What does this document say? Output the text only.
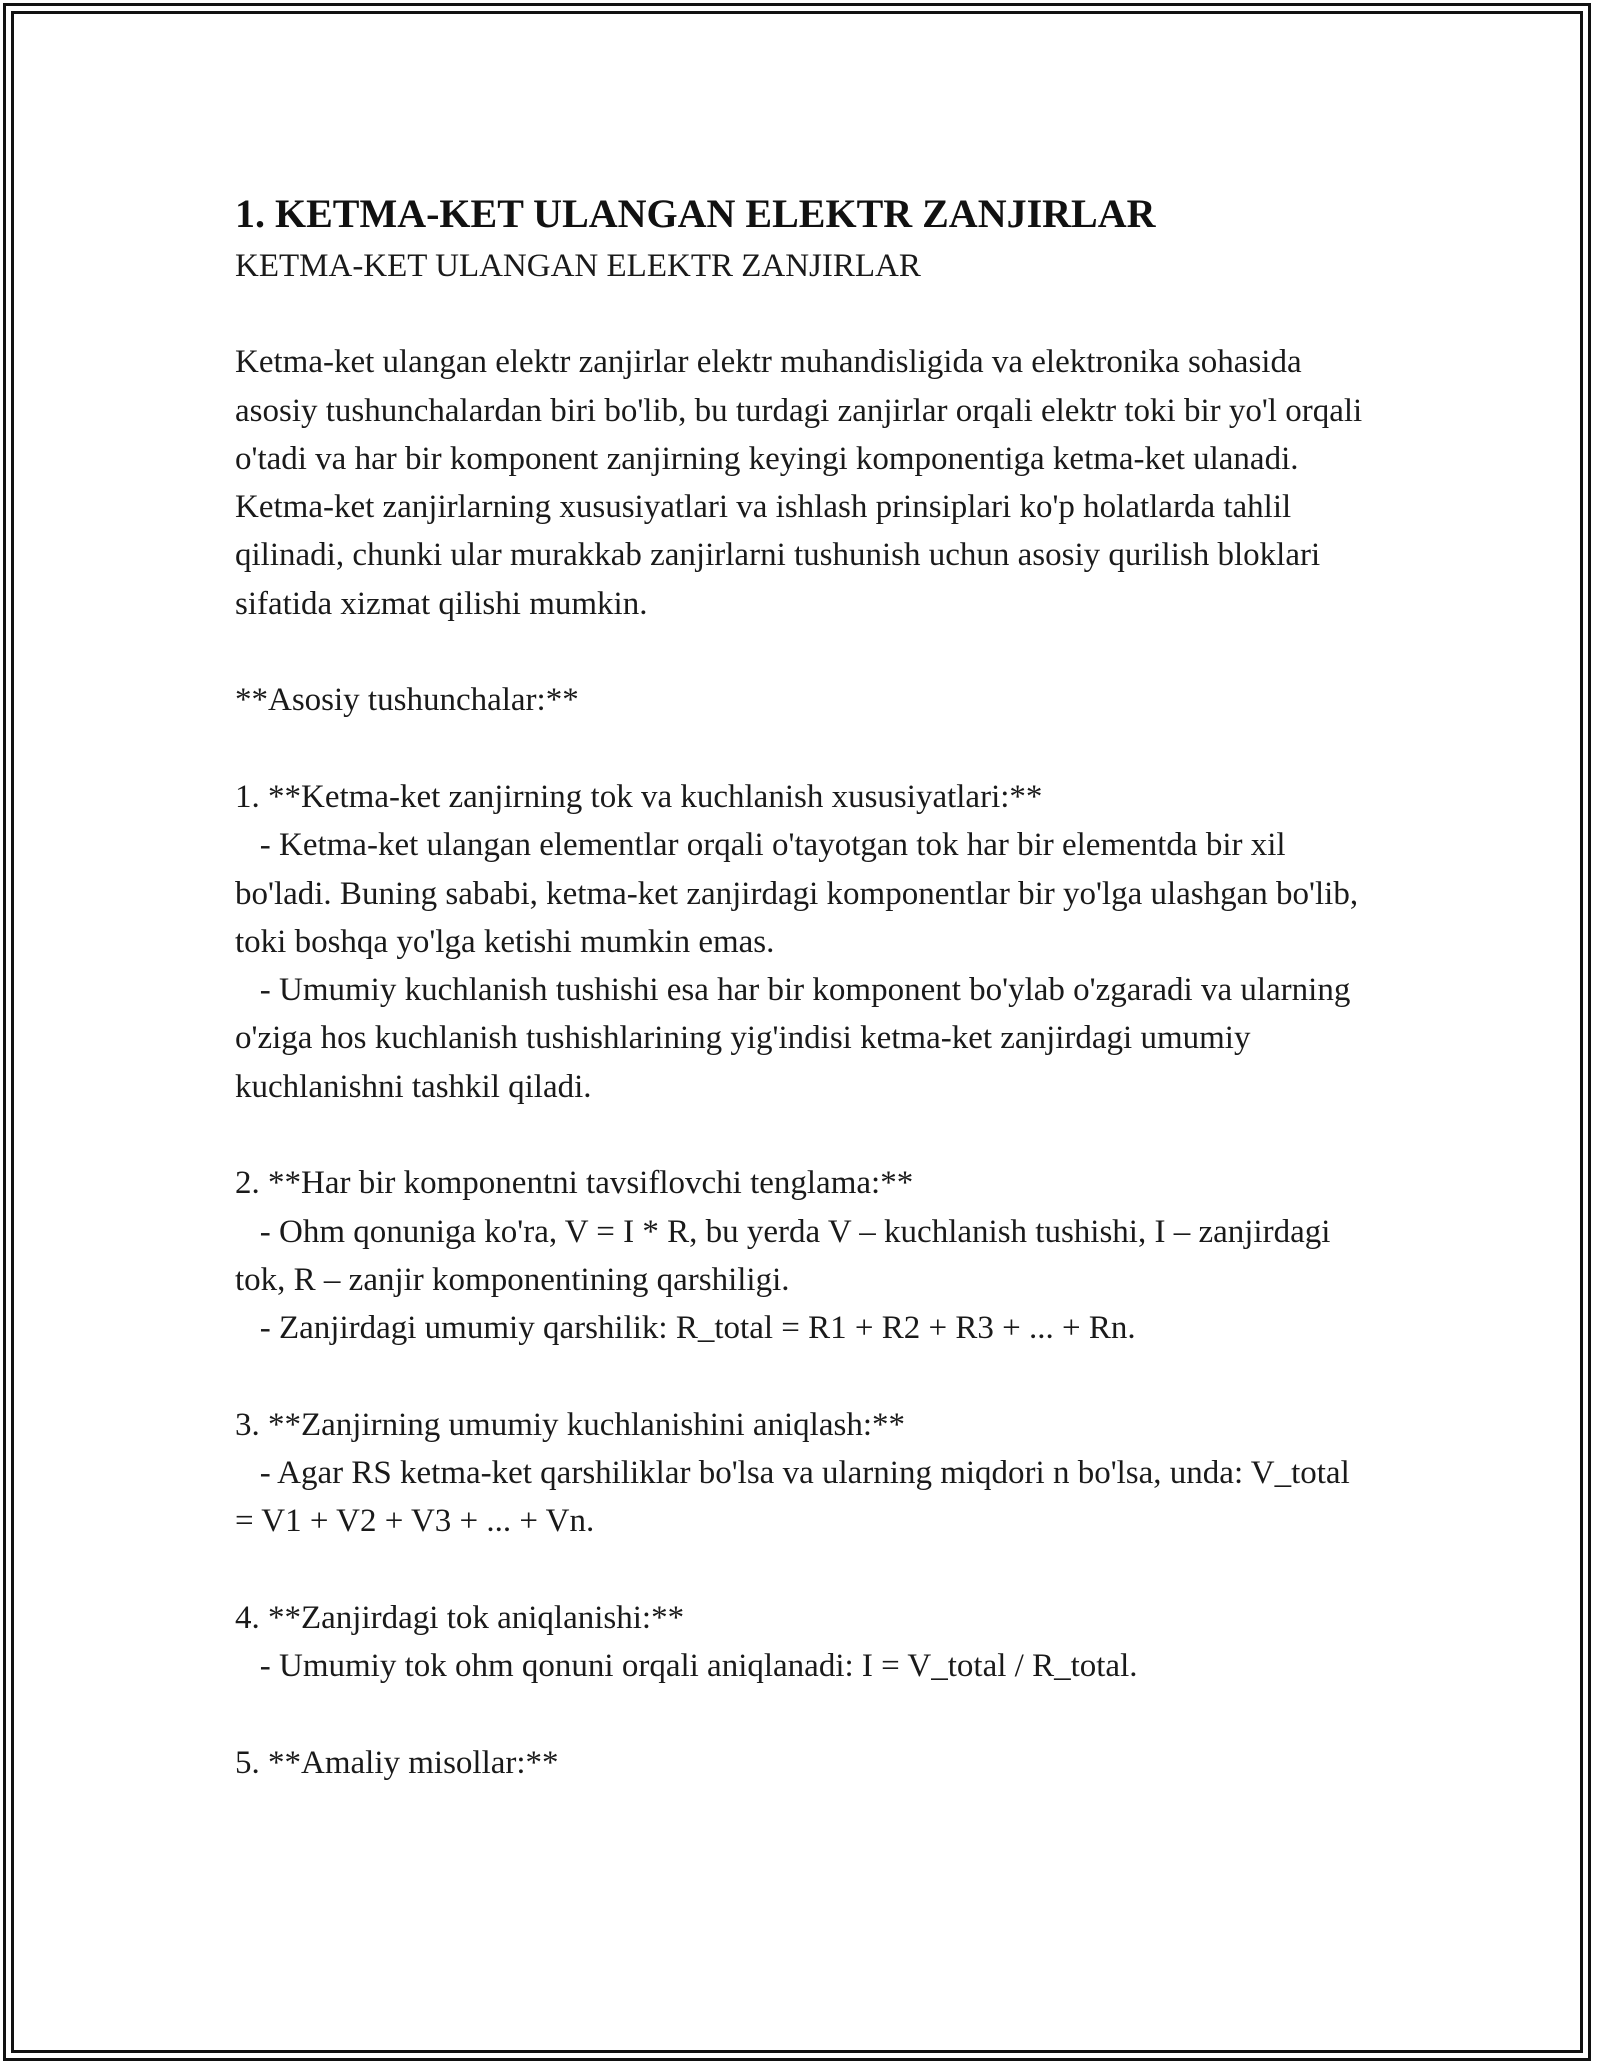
1. KETMA-KET ULANGAN ELEKTR ZANJIRLAR

KETMA-KET ULANGAN ELEKTR ZANJIRLAR

Ketma-ket ulangan elektr zanjirlar elektr muhandisligida va elektronika sohasida asosiy tushunchalardan biri bo'lib, bu turdagi zanjirlar orqali elektr toki bir yo'l orqali o'tadi va har bir komponent zanjirning keyingi komponentiga ketma-ket ulanadi. Ketma-ket zanjirlarning xususiyatlari va ishlash prinsiplari ko'p holatlarda tahlil qilinadi, chunki ular murakkab zanjirlarni tushunish uchun asosiy qurilish bloklari sifatida xizmat qilishi mumkin.

**Asosiy tushunchalar:**

1. **Ketma-ket zanjirning tok va kuchlanish xususiyatlari:**

- Ketma-ket ulangan elementlar orqali o'tayotgan tok har bir elementda bir xil bo'ladi. Buning sababi, ketma-ket zanjirdagi komponentlar bir yo'lga ulashgan bo'lib, toki boshqa yo'lga ketishi mumkin emas.

- Umumiy kuchlanish tushishi esa har bir komponent bo'ylab o'zgaradi va ularning o'ziga hos kuchlanish tushishlarining yig'indisi ketma-ket zanjirdagi umumiy kuchlanishni tashkil qiladi.

2. **Har bir komponentni tavsiflovchi tenglama:**

- Ohm qonuniga ko'ra, V = I * R, bu yerda V – kuchlanish tushishi, I – zanjirdagi tok, R – zanjir komponentining qarshiligi.

- Zanjirdagi umumiy qarshilik: R_total = R1 + R2 + R3 + ... + Rn.

3. **Zanjirning umumiy kuchlanishini aniqlash:**

- Agar RS ketma-ket qarshiliklar bo'lsa va ularning miqdori n bo'lsa, unda: V_total = V1 + V2 + V3 + ... + Vn.

4. **Zanjirdagi tok aniqlanishi:**

- Umumiy tok ohm qonuni orqali aniqlanadi: I = V_total / R_total.

5. **Amaliy misollar:**
